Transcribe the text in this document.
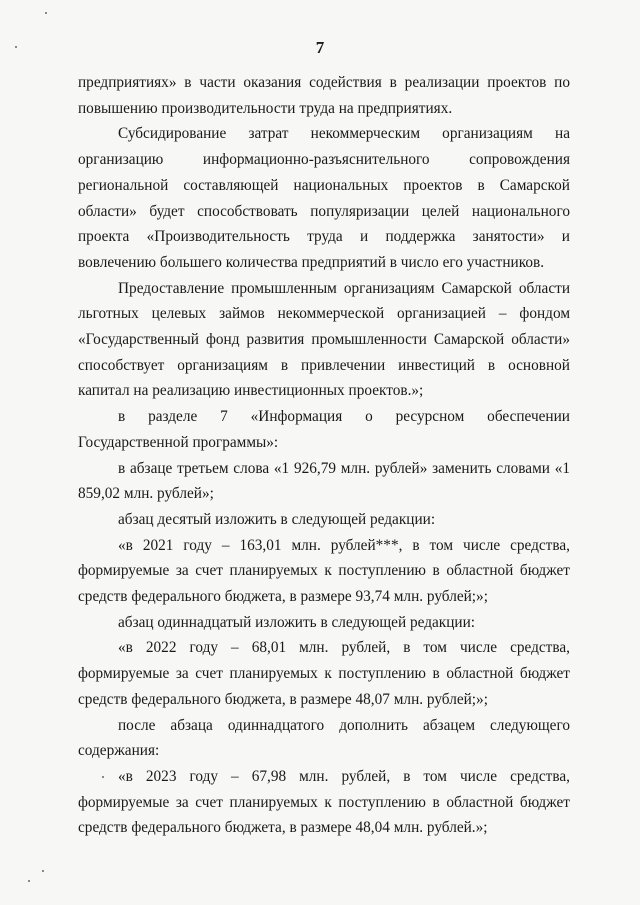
7

предприятиях» в части оказания содействия в реализации проектов по повышению производительности труда на предприятиях.

Субсидирование затрат некоммерческим организациям на организацию информационно-разъяснительного сопровождения региональной составляющей национальных проектов в Самарской области» будет способствовать популяризации целей национального проекта «Производительность труда и поддержка занятости» и вовлечению большего количества предприятий в число его участников.

Предоставление промышленным организациям Самарской области льготных целевых займов некоммерческой организацией – фондом «Государственный фонд развития промышленности Самарской области» способствует организациям в привлечении инвестиций в основной капитал на реализацию инвестиционных проектов.»;

в разделе 7 «Информация о ресурсном обеспечении Государственной программы»:

в абзаце третьем слова «1 926,79 млн. рублей» заменить словами «1 859,02 млн. рублей»;

абзац десятый изложить в следующей редакции:

«в 2021 году – 163,01 млн. рублей***, в том числе средства, формируемые за счет планируемых к поступлению в областной бюджет средств федерального бюджета, в размере 93,74 млн. рублей;»;

абзац одиннадцатый изложить в следующей редакции:

«в 2022 году – 68,01 млн. рублей, в том числе средства, формируемые за счет планируемых к поступлению в областной бюджет средств федерального бюджета, в размере 48,07 млн. рублей;»;

после абзаца одиннадцатого дополнить абзацем следующего содержания:

«в 2023 году – 67,98 млн. рублей, в том числе средства, формируемые за счет планируемых к поступлению в областной бюджет средств федерального бюджета, в размере 48,04 млн. рублей.»;
